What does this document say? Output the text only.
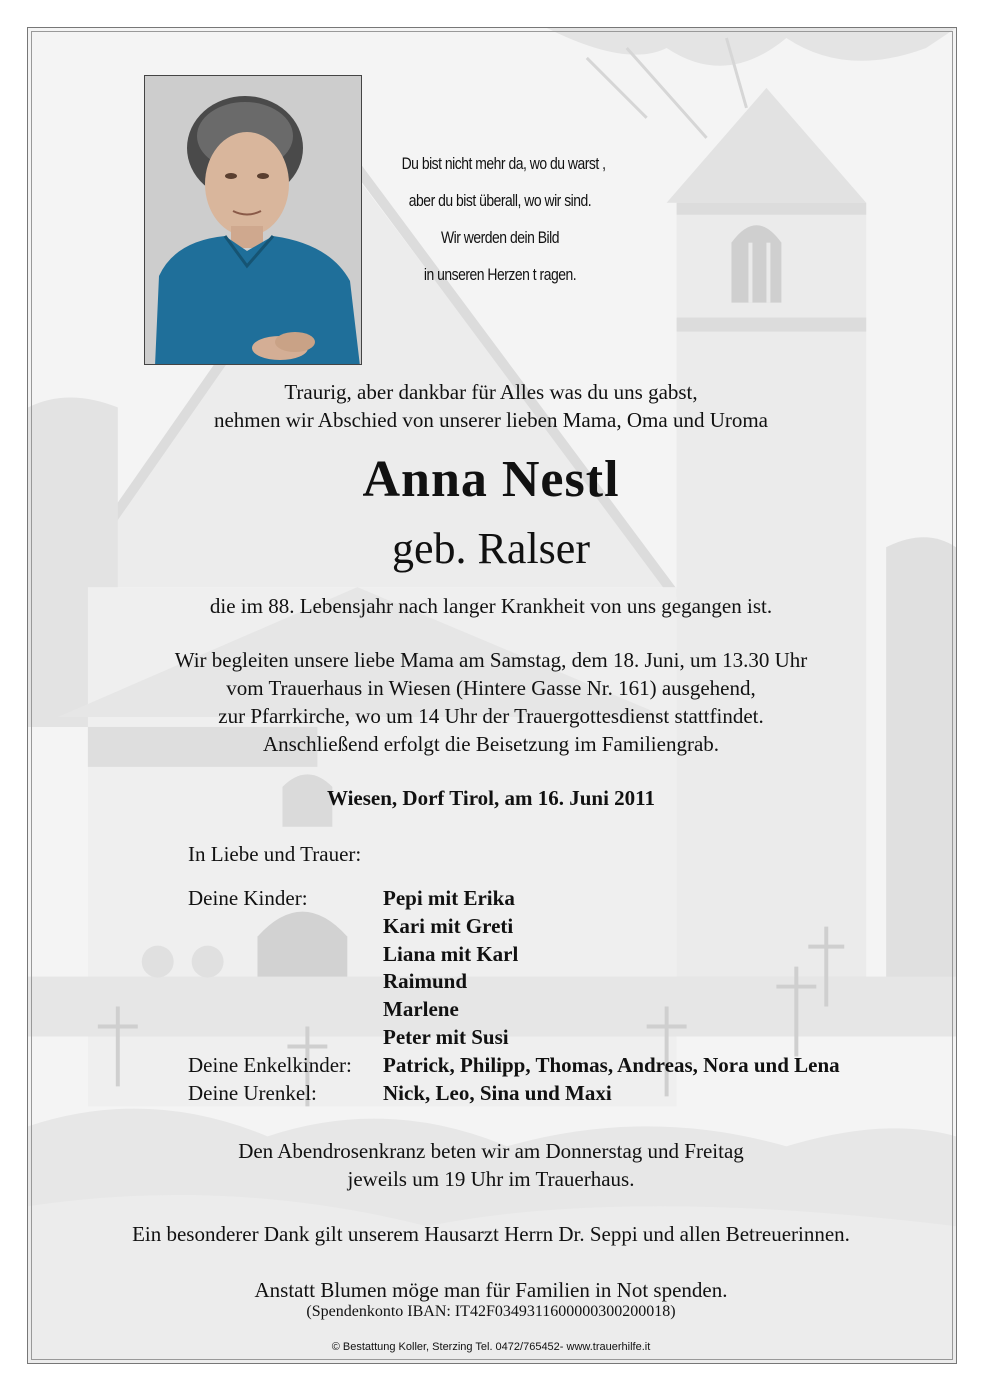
Du bist nicht mehr da, wo du warst ,
aber du bist überall, wo wir sind.
Wir werden dein Bild
in unseren Herzen t ragen.
Traurig, aber dankbar für Alles was du uns gabst,
nehmen wir Abschied von unserer lieben Mama, Oma und Uroma
Anna Nestl
geb. Ralser
die im 88. Lebensjahr nach langer Krankheit von uns gegangen ist.
Wir begleiten unsere liebe Mama am Samstag, dem 18. Juni, um 13.30 Uhr
vom Trauerhaus in Wiesen (Hintere Gasse Nr. 161) ausgehend,
zur Pfarrkirche, wo um 14 Uhr der Trauergottesdienst stattfindet.
Anschließend erfolgt die Beisetzung im Familiengrab.
Wiesen, Dorf Tirol, am 16. Juni 2011
In Liebe und Trauer:
Deine Kinder:	Pepi mit Erika
Kari mit Greti
Liana mit Karl
Raimund
Marlene
Peter mit Susi
Deine Enkelkinder:	Patrick, Philipp, Thomas, Andreas, Nora und Lena
Deine Urenkel:	Nick, Leo, Sina und Maxi
Den Abendrosenkranz beten wir am Donnerstag und Freitag
jeweils um 19 Uhr im Trauerhaus.
Ein besonderer Dank gilt unserem Hausarzt Herrn Dr. Seppi und allen Betreuerinnen.
Anstatt Blumen möge man für Familien in Not spenden.
(Spendenkonto IBAN: IT42F0349311600000300200018)
© Bestattung Koller, Sterzing Tel. 0472/765452- www.trauerhilfe.it
